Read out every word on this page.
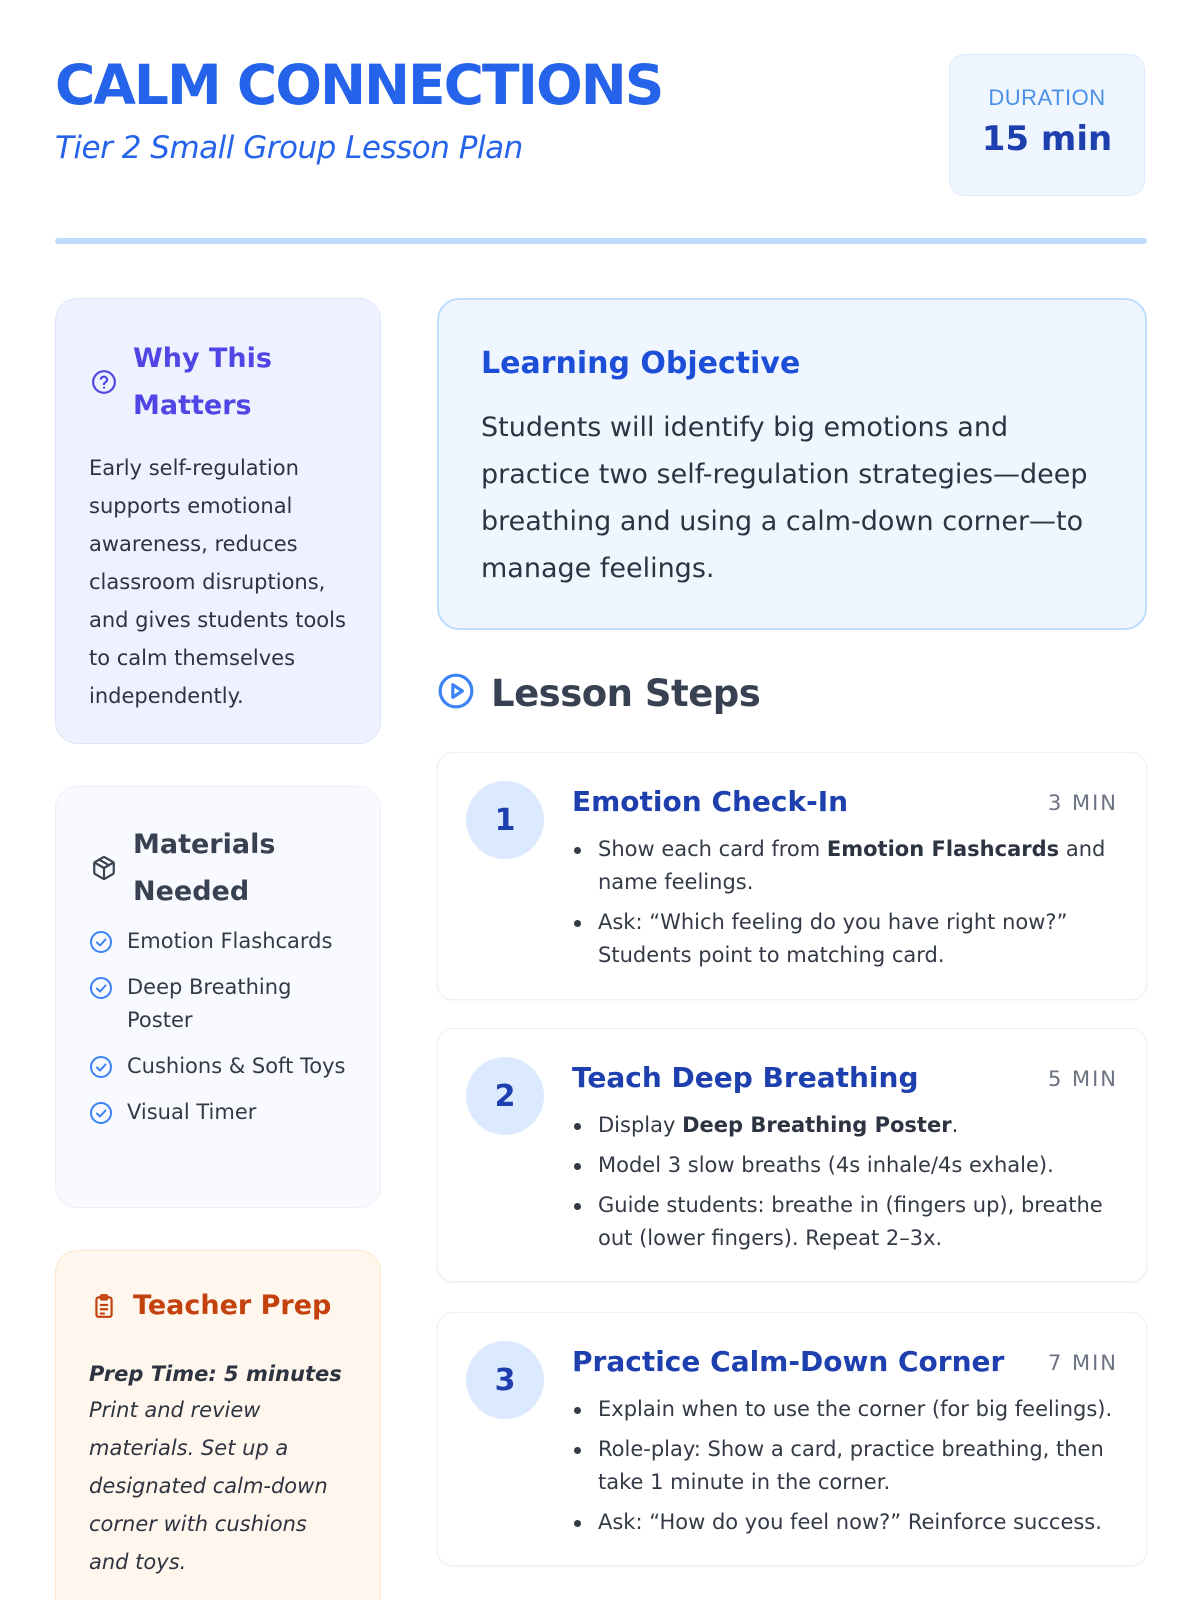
CALM CONNECTIONS
Tier 2 Small Group Lesson Plan
DURATION
15 min
Why This Matters
Early self-regulation supports emotional awareness, reduces classroom disruptions, and gives students tools to calm themselves independently.
Materials Needed
Emotion Flashcards
Deep Breathing Poster
Cushions & Soft Toys
Visual Timer
Teacher Prep
Prep Time: 5 minutes
Print and review materials. Set up a designated calm-down corner with cushions and toys.
Learning Objective

Students will identify big emotions and practice two self-regulation strategies—deep breathing and using a calm-down corner—to manage feelings.

Lesson Steps
1
Emotion Check-In	3 MIN
Show each card from Emotion Flashcards and name feelings.
Ask: “Which feeling do you have right now?” Students point to matching card.
2
Teach Deep Breathing	5 MIN
Display Deep Breathing Poster.
Model 3 slow breaths (4s inhale/4s exhale).
Guide students: breathe in (fingers up), breathe out (lower fingers). Repeat 2–3x.
3
Practice Calm-Down Corner 7 MIN
Explain when to use the corner (for big feelings).
Role-play: Show a card, practice breathing, then take 1 minute in the corner.
Ask: “How do you feel now?” Reinforce success.
